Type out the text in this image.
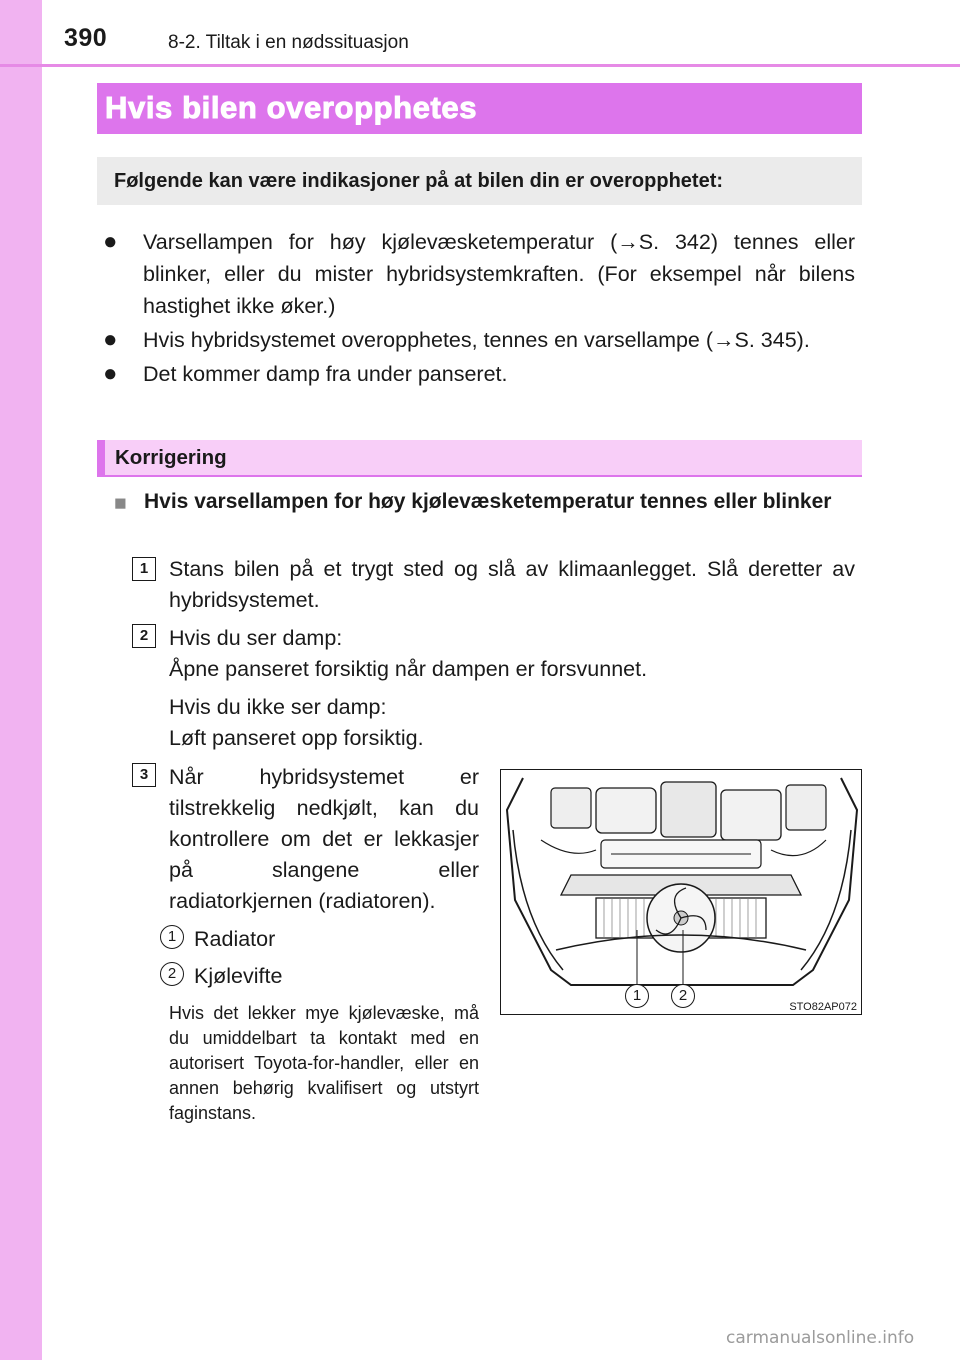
390	8-2. Tiltak i en nødssituasjon
Hvis bilen overopphetes
Følgende kan være indikasjoner på at bilen din er overopphetet:
● Varsellampen for høy kjølevæsketemperatur (→S. 342) tennes eller blinker, eller du mister hybridsystemkraften. (For eksempel når bilens hastighet ikke øker.)

● Hvis hybridsystemet overopphetes, tennes en varsellampe (→S. 345).

● Det kommer damp fra under panseret.

Korrigering
■ Hvis varsellampen for høy kjølevæsketemperatur tennes eller blinker

1 Stans bilen på et trygt sted og slå av klimaanlegget. Slå deretter av hybridsystemet.

2 Hvis du ser damp:

Åpne panseret forsiktig når dampen er forsvunnet.

Hvis du ikke ser damp:

Løft panseret opp forsiktig.

3 Når hybridsystemet er tilstrekkelig nedkjølt, kan du kontrollere om det er lekkasjer på slangene eller radiatorkjernen (radiatoren).

1 Radiator
2 Kjølevifte

Hvis det lekker mye kjølevæske, må du umiddelbart ta kontakt med en autorisert Toyota-for-handler, eller en annen behørig kvalifisert og utstyrt faginstans.

1	2
STO82AP072
carmanualsonline.info
